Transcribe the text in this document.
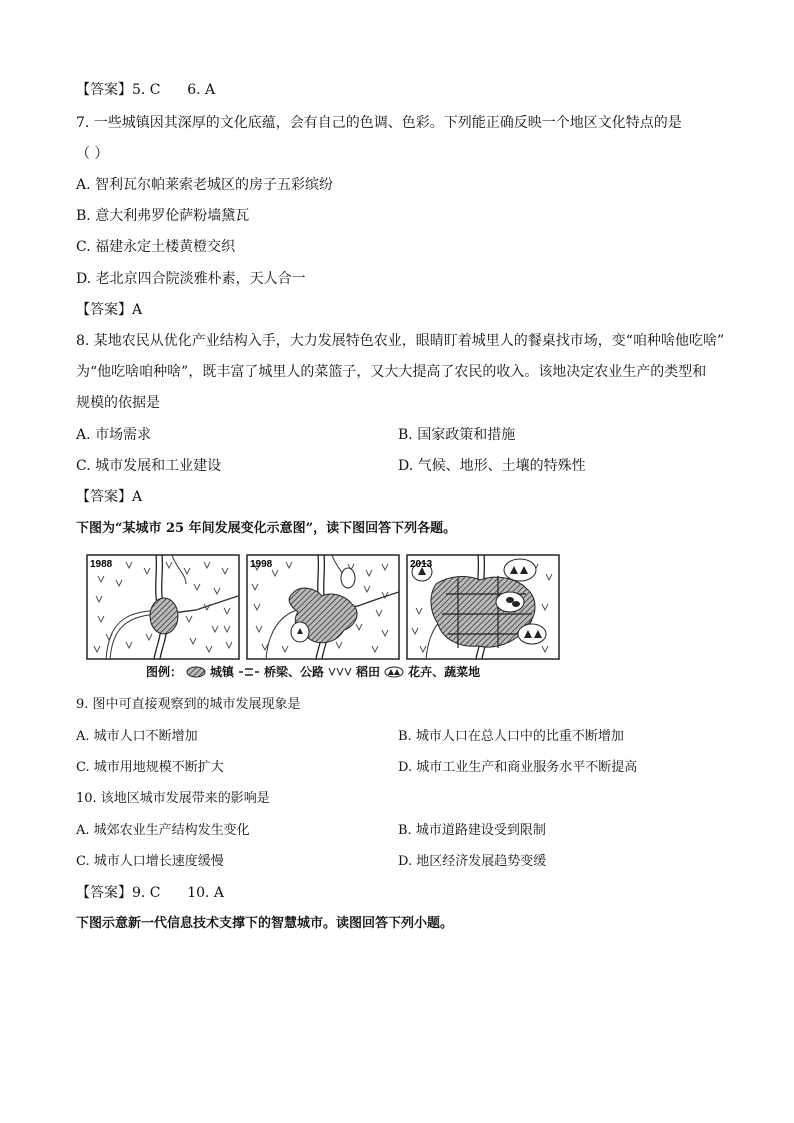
【答案】5. C      6. A
7. 一些城镇因其深厚的文化底蕴，会有自己的色调、色彩。下列能正确反映一个地区文化特点的是
（ ）
A. 智利瓦尔帕莱索老城区的房子五彩缤纷
B. 意大利弗罗伦萨粉墙黛瓦
C. 福建永定土楼黄橙交织
D. 老北京四合院淡雅朴素，天人合一
【答案】A
8. 某地农民从优化产业结构入手，大力发展特色农业，眼睛盯着城里人的餐桌找市场，变“咱种啥他吃啥”
为“他吃啥咱种啥”，既丰富了城里人的菜篮子，又大大提高了农民的收入。该地决定农业生产的类型和
规模的依据是
A. 市场需求	B. 国家政策和措施
C. 城市发展和工业建设	D. 气候、地形、土壤的特殊性
【答案】A
下图为“某城市 25 年间发展变化示意图”，读下图回答下列各题。
1988	1998	2013
图例： 城镇	桥梁、公路	稻田 花卉、蔬菜地
9. 图中可直接观察到的城市发展现象是
A. 城市人口不断增加	B. 城市人口在总人口中的比重不断增加
C. 城市用地规模不断扩大	D. 城市工业生产和商业服务水平不断提高
10. 该地区城市发展带来的影响是
A. 城郊农业生产结构发生变化	B. 城市道路建设受到限制
C. 城市人口增长速度缓慢	D. 地区经济发展趋势变缓
【答案】9. C      10. A
下图示意新一代信息技术支撑下的智慧城市。读图回答下列小题。
